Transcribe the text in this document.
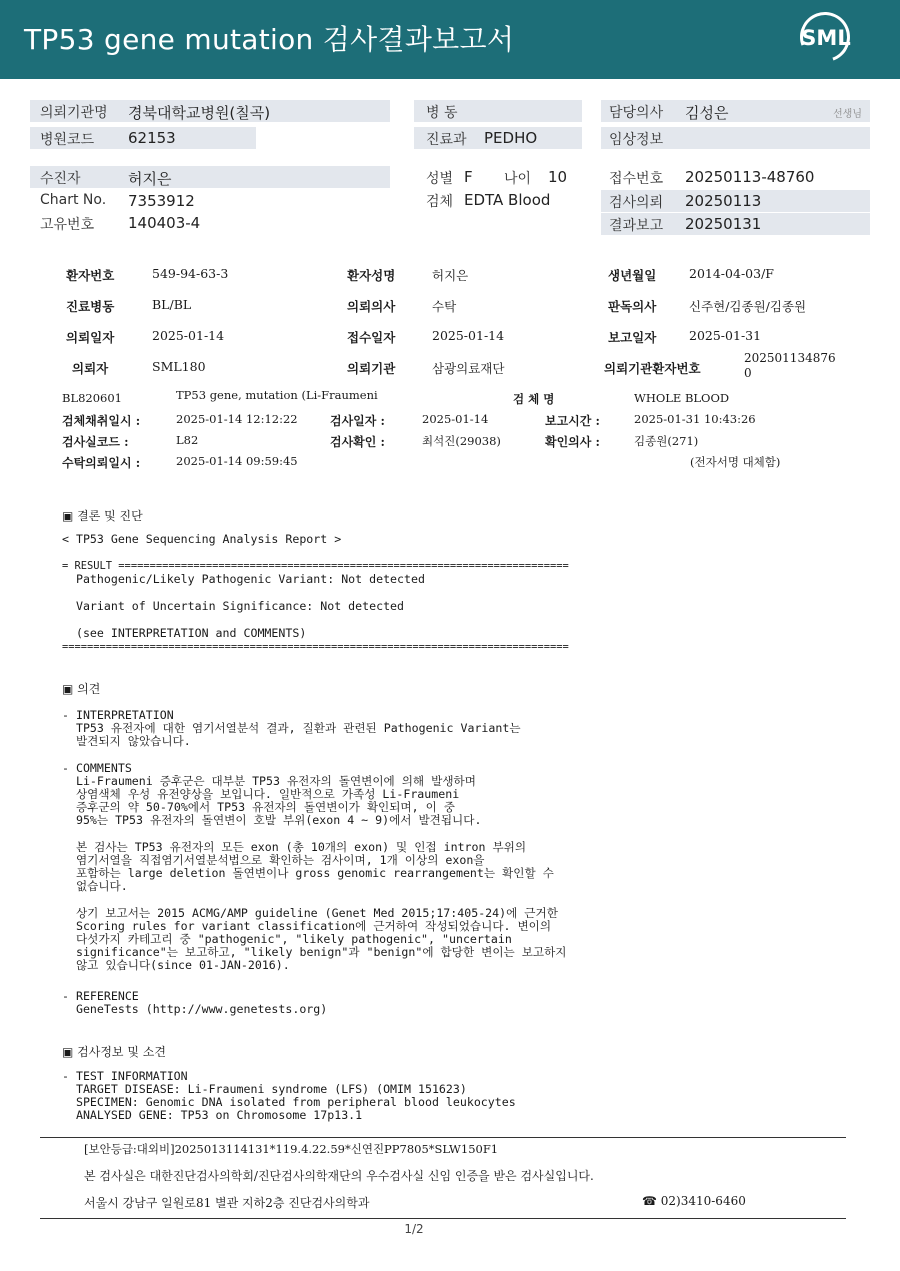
TP53 gene mutation 검사결과보고서	SML
의뢰기관명 경북대학교병원(칠곡)
병원코드 62153
병 동
진료과 PEDHO
담당의사 김성은	선생님
임상정보
수진자	허지은
Chart No. 7353912
고유번호 140403-4
성별 F 나이 10
검체 EDTA Blood
접수번호 20250113-48760
검사의뢰 20250113
결과보고 20250131
환자번호	549-94-63-3	환자성명	허지은	생년월일	2014-04-03/F
진료병동	BL/BL	의뢰의사	수탁	판독의사	신주현/김종원/김종원
의뢰일자	2025-01-14	접수일자	2025-01-14	보고일자	2025-01-31
의뢰자	SML180	의뢰기관	삼광의료재단	의뢰기관환자번호
202501134876
0
BL820601	TP53 gene, mutation (Li-Fraumeni	검 체 명	WHOLE BLOOD
검체채취일시 :	2025-01-14 12:12:22	검사일자 :	2025-01-14	보고시간 :	2025-01-31 10:43:26
검사실코드 :	L82	검사확인 :	최석진(29038)	확인의사 :	김종원(271)
수탁의뢰일시 :	2025-01-14 09:59:45	(전자서명 대체함)
▣ 결론 및 진단
< TP53 Gene Sequencing Analysis Report >
= RESULT ========================================================================
Pathogenic/Likely Pathogenic Variant: Not detected
Variant of Uncertain Significance: Not detected
(see INTERPRETATION and COMMENTS)
=================================================================================
▣ 의견
- INTERPRETATION
TP53 유전자에 대한 염기서열분석 결과, 질환과 관련된 Pathogenic Variant는
발견되지 않았습니다.
- COMMENTS
Li-Fraumeni 증후군은 대부분 TP53 유전자의 돌연변이에 의해 발생하며
상염색체 우성 유전양상을 보입니다. 일반적으로 가족성 Li-Fraumeni
증후군의 약 50-70%에서 TP53 유전자의 돌연변이가 확인되며, 이 중
95%는 TP53 유전자의 돌연변이 호발 부위(exon 4 ~ 9)에서 발견됩니다.
본 검사는 TP53 유전자의 모든 exon (총 10개의 exon) 및 인접 intron 부위의
염기서열을 직접염기서열분석법으로 확인하는 검사이며, 1개 이상의 exon을
포함하는 large deletion 돌연변이나 gross genomic rearrangement는 확인할 수
없습니다.
상기 보고서는 2015 ACMG/AMP guideline (Genet Med 2015;17:405-24)에 근거한
Scoring rules for variant classification에 근거하여 작성되었습니다. 변이의
다섯가지 카테고리 중 "pathogenic", "likely pathogenic", "uncertain
significance"는 보고하고, "likely benign"과 "benign"에 합당한 변이는 보고하지
않고 있습니다(since 01-JAN-2016).
- REFERENCE
GeneTests (http://www.genetests.org)
▣ 검사정보 및 소견
- TEST INFORMATION
TARGET DISEASE: Li-Fraumeni syndrome (LFS) (OMIM 151623)
SPECIMEN: Genomic DNA isolated from peripheral blood leukocytes
ANALYSED GENE: TP53 on Chromosome 17p13.1
[보안등급:대외비]2025013114131*119.4.22.59*신연진PP7805*SLW150F1
본 검사실은 대한진단검사의학회/진단검사의학재단의 우수검사실 신임 인증을 받은 검사실입니다.
서울시 강남구 일원로81 별관 지하2층 진단검사의학과	☎ 02)3410-6460
1/2
